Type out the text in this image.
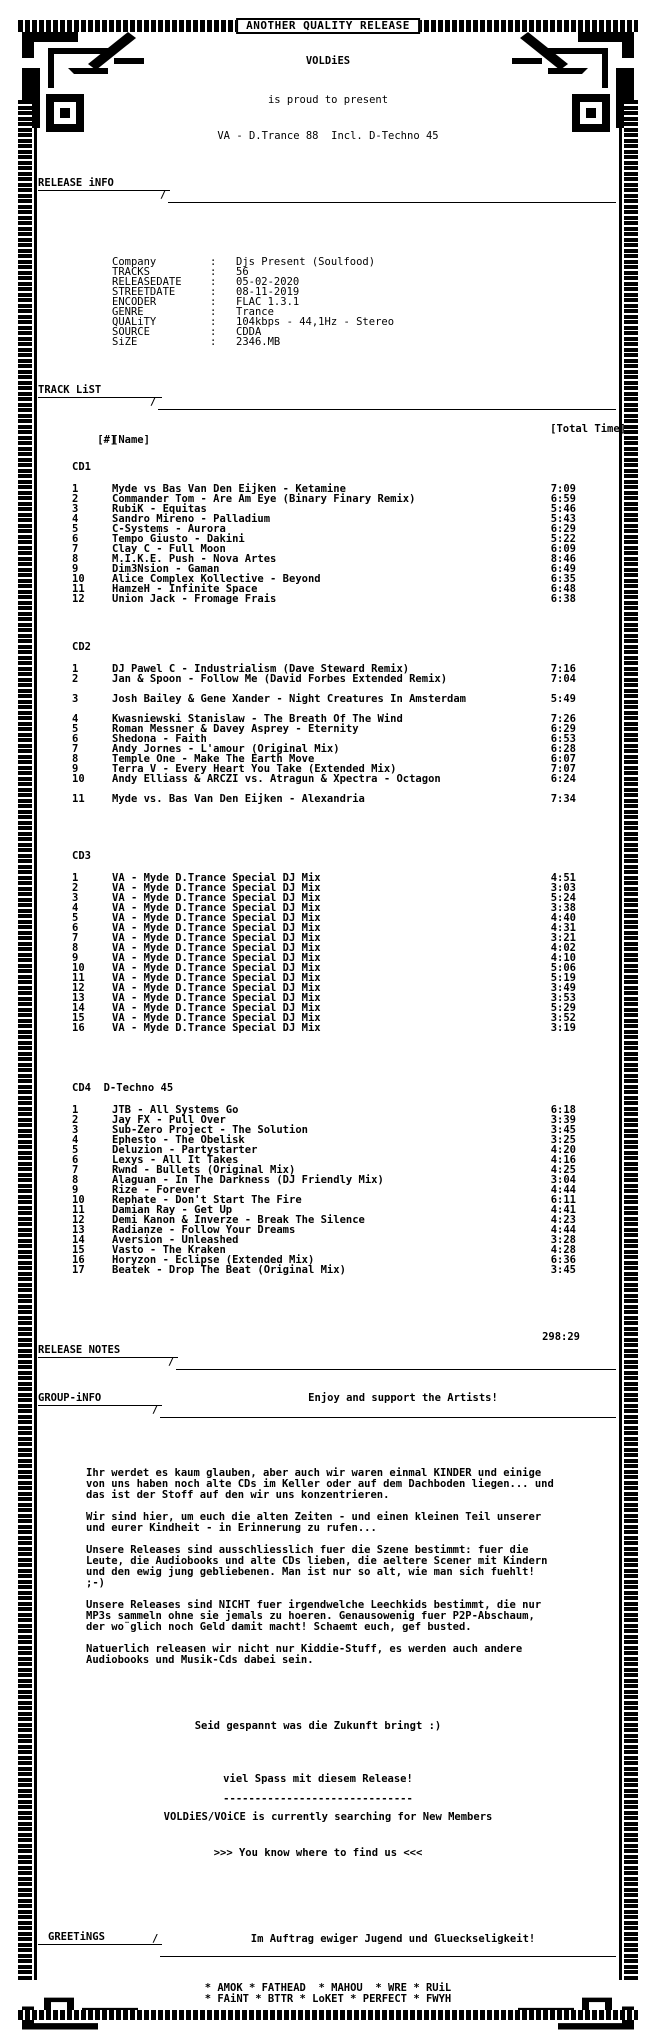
ANOTHER QUALITY RELEASE
VOLDiES
is proud to present
VA - D.Trance 88  Incl. D-Techno 45
RELEASE iNFO
/
Company	: Djs Present (Soulfood)
TRACKS	: 56
RELEASEDATE	: 05-02-2020
STREETDATE	: 08-11-2019
ENCODER	: FLAC 1.3.1
GENRE	: Trance
QUALiTY	: 104kbps - 44,1Hz - Stereo
SOURCE	: CDDA
SiZE	: 2346.MB
TRACK LiST
/

[#]
[Name]
[Total Time]

CD1
1	Myde vs Bas Van Den Eijken - Ketamine	7:09
2	Commander Tom - Are Am Eye (Binary Finary Remix)	6:59
3	RubiK - Equitas	5:46
4	Sandro Mireno - Palladium	5:43
5	C-Systems - Aurora	6:29
6	Tempo Giusto - Dakini	5:22
7	Clay C - Full Moon	6:09
8	M.I.K.E. Push - Nova Artes	8:46
9	Dim3Nsion - Gaman	6:49
10	Alice Complex Kollective - Beyond	6:35
11	HamzeH - Infinite Space	6:48
12	Union Jack - Fromage Frais	6:38
CD2
1	DJ Pawel C - Industrialism (Dave Steward Remix)	7:16
2	Jan & Spoon - Follow Me (David Forbes Extended Remix)	7:04
3	Josh Bailey & Gene Xander - Night Creatures In Amsterdam	5:49
4	Kwasniewski Stanislaw - The Breath Of The Wind	7:26
5	Roman Messner & Davey Asprey - Eternity	6:29
6	Shedona - Faith	6:53
7	Andy Jornes - L'amour (Original Mix)	6:28
8	Temple One - Make The Earth Move	6:07
9	Terra V - Every Heart You Take (Extended Mix)	7:07
10	Andy Elliass & ARCZI vs. Atragun & Xpectra - Octagon	6:24
11	Myde vs. Bas Van Den Eijken - Alexandria	7:34
CD3
1	VA - Myde D.Trance Special DJ Mix	4:51
2	VA - Myde D.Trance Special DJ Mix	3:03
3	VA - Myde D.Trance Special DJ Mix	5:24
4	VA - Myde D.Trance Special DJ Mix	3:38
5	VA - Myde D.Trance Special DJ Mix	4:40
6	VA - Myde D.Trance Special DJ Mix	4:31
7	VA - Myde D.Trance Special DJ Mix	3:21
8	VA - Myde D.Trance Special DJ Mix	4:02
9	VA - Myde D.Trance Special DJ Mix	4:10
10	VA - Myde D.Trance Special DJ Mix	5:06
11	VA - Myde D.Trance Special DJ Mix	5:19
12	VA - Myde D.Trance Special DJ Mix	3:49
13	VA - Myde D.Trance Special DJ Mix	3:53
14	VA - Myde D.Trance Special DJ Mix	5:29
15	VA - Myde D.Trance Special DJ Mix	3:52
16	VA - Myde D.Trance Special DJ Mix	3:19
CD4  D-Techno 45
1	JTB - All Systems Go	6:18
2	Jay FX - Pull Over	3:39
3	Sub-Zero Project - The Solution	3:45
4	Ephesto - The Obelisk	3:25
5	Deluzion - Partystarter	4:20
6	Lexys - All It Takes	4:16
7	Rwnd - Bullets (Original Mix)	4:25
8	Alaguan - In The Darkness (DJ Friendly Mix)	3:04
9	Rize - Forever	4:44
10	Rephate - Don't Start The Fire	6:11
11	Damian Ray - Get Up	4:41
12	Demi Kanon & Inverze - Break The Silence	4:23
13	Radianze - Follow Your Dreams	4:44
14	Aversion - Unleashed	3:28
15	Vasto - The Kraken	4:28
16	Horyzon - Eclipse (Extended Mix)	6:36
17	Beatek - Drop The Beat (Original Mix)	3:45
298:29
RELEASE NOTES
/
GROUP-iNFO
/
Enjoy and support the Artists!

Ihr werdet es kaum glauben, aber auch wir waren einmal KINDER und einige von uns haben noch alte CDs im Keller oder auf dem Dachboden liegen... und das ist der Stoff auf den wir uns konzentrieren.

Wir sind hier, um euch die alten Zeiten - und einen kleinen Teil unserer und eurer Kindheit - in Erinnerung zu rufen...

Unsere Releases sind ausschliesslich fuer die Szene bestimmt: fuer die Leute, die Audiobooks und alte CDs lieben, die aeltere Scener mit Kindern und den ewig jung gebliebenen. Man ist nur so alt, wie man sich fuehlt! ;-)

Unsere Releases sind NICHT fuer irgendwelche Leechkids bestimmt, die nur MP3s sammeln ohne sie jemals zu hoeren. Genausowenig fuer P2P-Abschaum, der wo¨glich noch Geld damit macht! Schaemt euch, gef busted.

Natuerlich releasen wir nicht nur Kiddie-Stuff, es werden auch andere Audiobooks und Musik-Cds dabei sein.

Seid gespannt was die Zukunft bringt :)
viel Spass mit diesem Release!
------------------------------
VOLDiES/VOiCE is currently searching for New Members
>>> You know where to find us <<<
GREETiNGS	/	Im Auftrag ewiger Jugend und Glueckseligkeit!
* AMOK * FATHEAD  * MAHOU  * WRE * RUiL
* FAiNT * BTTR * LoKET * PERFECT * FWYH
